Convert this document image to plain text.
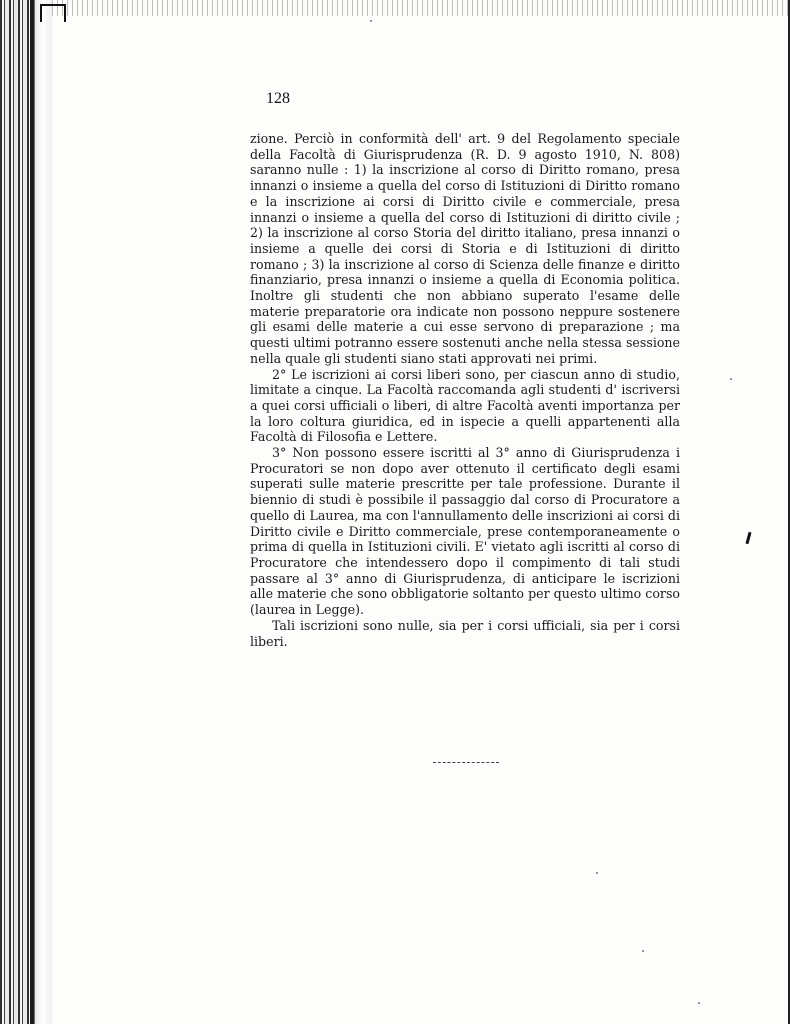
128

zione. Perciò in conformità dell' art. 9 del Regolamento speciale della Facoltà di Giurisprudenza (R. D. 9 agosto 1910, N. 808) saranno nulle : 1) la inscrizione al corso di Diritto romano, presa innanzi o insieme a quella del corso di Istituzioni di Diritto romano e la inscrizione ai corsi di Diritto civile e commerciale, presa innanzi o insieme a quella del corso di Istituzioni di diritto civile ; 2) la inscrizione al corso Storia del diritto italiano, presa innanzi o insieme a quelle dei corsi di Storia e di Istituzioni di diritto romano ; 3) la inscrizione al corso di Scienza delle finanze e diritto finanziario, presa innanzi o insieme a quella di Economia politica. Inoltre gli studenti che non abbiano superato l'esame delle materie preparatorie ora indicate non possono neppure sostenere gli esami delle materie a cui esse servono di preparazione ; ma questi ultimi potranno essere sostenuti anche nella stessa sessione nella quale gli studenti siano stati approvati nei primi.

2° Le iscrizioni ai corsi liberi sono, per ciascun anno di studio, limitate a cinque. La Facoltà raccomanda agli studenti d' iscriversi a quei corsi ufficiali o liberi, di altre Facoltà aventi importanza per la loro coltura giuridica, ed in ispecie a quelli appartenenti alla Facoltà di Filosofia e Lettere.

3° Non possono essere iscritti al 3° anno di Giurisprudenza i Procuratori se non dopo aver ottenuto il certificato degli esami superati sulle materie prescritte per tale professione. Durante il biennio di studi è possibile il passaggio dal corso di Procuratore a quello di Laurea, ma con l'annullamento delle inscrizioni ai corsi di Diritto civile e Diritto commerciale, prese contemporaneamente o prima di quella in Istituzioni civili. E' vietato agli iscritti al corso di Procuratore che intendessero dopo il compimento di tali studi passare al 3° anno di Giurisprudenza, di anticipare le iscrizioni alle materie che sono obbligatorie soltanto per questo ultimo corso (laurea in Legge).

Tali iscrizioni sono nulle, sia per i corsi ufficiali, sia per i corsi liberi.
